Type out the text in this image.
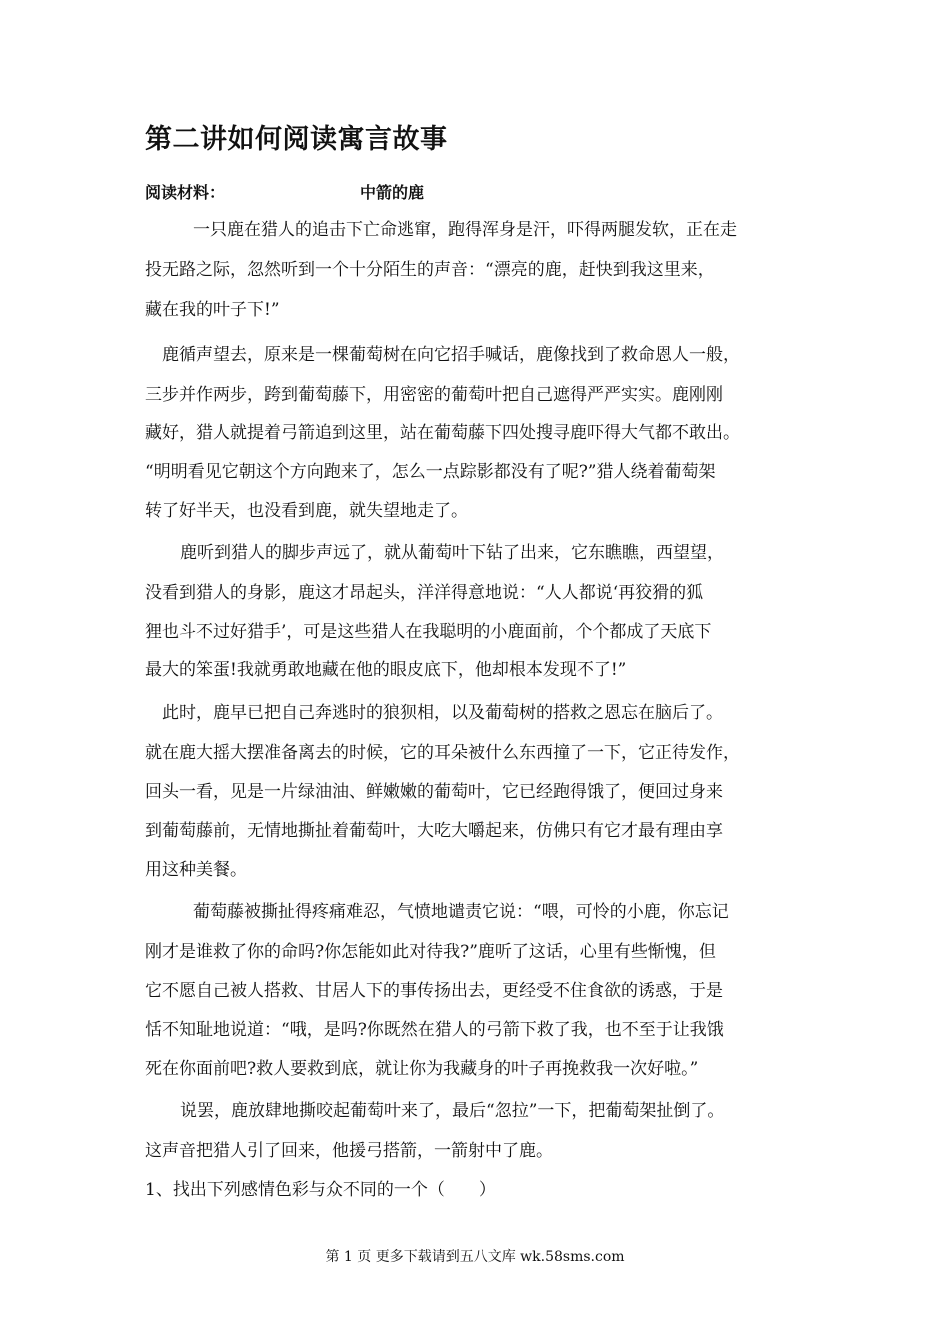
第二讲如何阅读寓言故事
阅读材料：	中箭的鹿
　一只鹿在猎人的追击下亡命逃窜，跑得浑身是汗，吓得两腿发软，正在走
投无路之际，忽然听到一个十分陌生的声音：“漂亮的鹿，赶快到我这里来，
藏在我的叶子下!”
鹿循声望去，原来是一棵葡萄树在向它招手喊话，鹿像找到了救命恩人一般，
三步并作两步，跨到葡萄藤下，用密密的葡萄叶把自己遮得严严实实。鹿刚刚
藏好，猎人就提着弓箭追到这里，站在葡萄藤下四处搜寻鹿吓得大气都不敢出。
“明明看见它朝这个方向跑来了，怎么一点踪影都没有了呢?”猎人绕着葡萄架
转了好半天，也没看到鹿，就失望地走了。
鹿听到猎人的脚步声远了，就从葡萄叶下钻了出来，它东瞧瞧，西望望，
没看到猎人的身影，鹿这才昂起头，洋洋得意地说：“人人都说‘再狡猾的狐
狸也斗不过好猎手’，可是这些猎人在我聪明的小鹿面前，个个都成了天底下
最大的笨蛋!我就勇敢地藏在他的眼皮底下，他却根本发现不了!”
此时，鹿早已把自己奔逃时的狼狈相，以及葡萄树的搭救之恩忘在脑后了。
就在鹿大摇大摆准备离去的时候，它的耳朵被什么东西撞了一下，它正待发作，
回头一看，见是一片绿油油、鲜嫩嫩的葡萄叶，它已经跑得饿了，便回过身来
到葡萄藤前，无情地撕扯着葡萄叶，大吃大嚼起来，仿佛只有它才最有理由享
用这种美餐。
　葡萄藤被撕扯得疼痛难忍，气愤地谴责它说：“喂，可怜的小鹿，你忘记
刚才是谁救了你的命吗?你怎能如此对待我?”鹿听了这话，心里有些惭愧，但
它不愿自己被人搭救、甘居人下的事传扬出去，更经受不住食欲的诱惑，于是
恬不知耻地说道：“哦，是吗?你既然在猎人的弓箭下救了我，也不至于让我饿
死在你面前吧?救人要救到底，就让你为我藏身的叶子再挽救我一次好啦。”
说罢，鹿放肆地撕咬起葡萄叶来了，最后“忽拉”一下，把葡萄架扯倒了。
这声音把猎人引了回来，他援弓搭箭，一箭射中了鹿。
1、找出下列感情色彩与众不同的一个（　　）
第 1 页 更多下载请到五八文库 wk.58sms.com
